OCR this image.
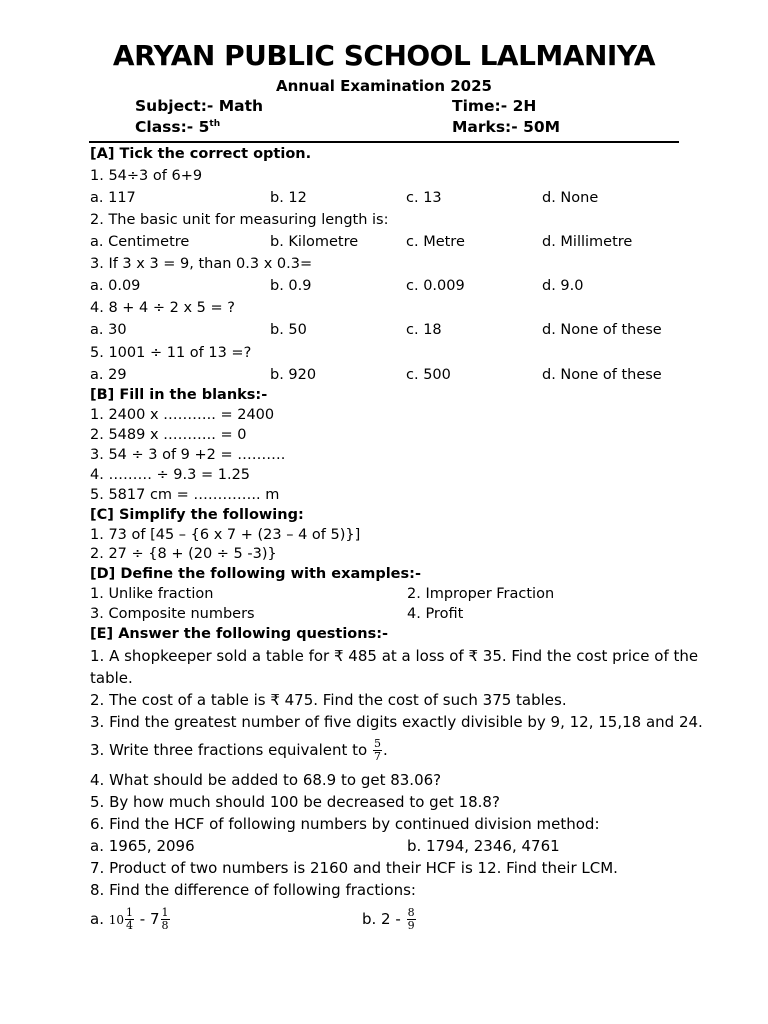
ARYAN PUBLIC SCHOOL LALMANIYA
Annual Examination 2025
Subject:- Math	Time:- 2H
Class:- 5th	Marks:- 50M
[A] Tick the correct option.
1. 54÷3 of 6+9
a. 117	b. 12	c. 13	d. None
2. The basic unit for measuring length is:
a. Centimetre	b. Kilometre	c. Metre	d. Millimetre
3. If 3 x 3 = 9, than 0.3 x 0.3=
a. 0.09	b. 0.9	c. 0.009	d. 9.0
4. 8 + 4 ÷ 2 x 5 = ?
a. 30	b. 50	c. 18	d. None of these
5. 1001 ÷ 11 of 13 =?
a. 29	b. 920	c. 500	d. None of these
[B] Fill in the blanks:-
1. 2400 x ……….. = 2400
2. 5489 x ……….. = 0
3. 54 ÷ 3 of 9 +2 = ……….
4. ……… ÷ 9.3 = 1.25
5. 5817 cm = ………….. m
[C] Simplify the following:
1. 73 of [45 – {6 x 7 + (23 – 4 of 5)}]
2. 27 ÷ {8 + (20 ÷ 5 -3)}
[D] Define the following with examples:-
1. Unlike fraction	2. Improper Fraction
3. Composite numbers	4. Profit
[E] Answer the following questions:-
1. A shopkeeper sold a table for ₹ 485 at a loss of ₹ 35. Find the cost price of the
table.
2. The cost of a table is ₹ 475. Find the cost of such 375 tables.
3. Find the greatest number of five digits exactly divisible by 9, 12, 15,18 and 24.
3. Write three fractions equivalent to $\frac{5}{7}$ .
4. What should be added to 68.9 to get 83.06?
5. By how much should 100 be decreased to get 18.8?
6. Find the HCF of following numbers by continued division method:
a. 1965, 2096	b. 1794, 2346, 4761
7. Product of two numbers is 2160 and their HCF is 12. Find their LCM.
8. Find the difference of following fractions:
a. $10 \frac{1}{4} - 7 \frac{1}{8}$	b. $2 - \frac{8}{9}$
